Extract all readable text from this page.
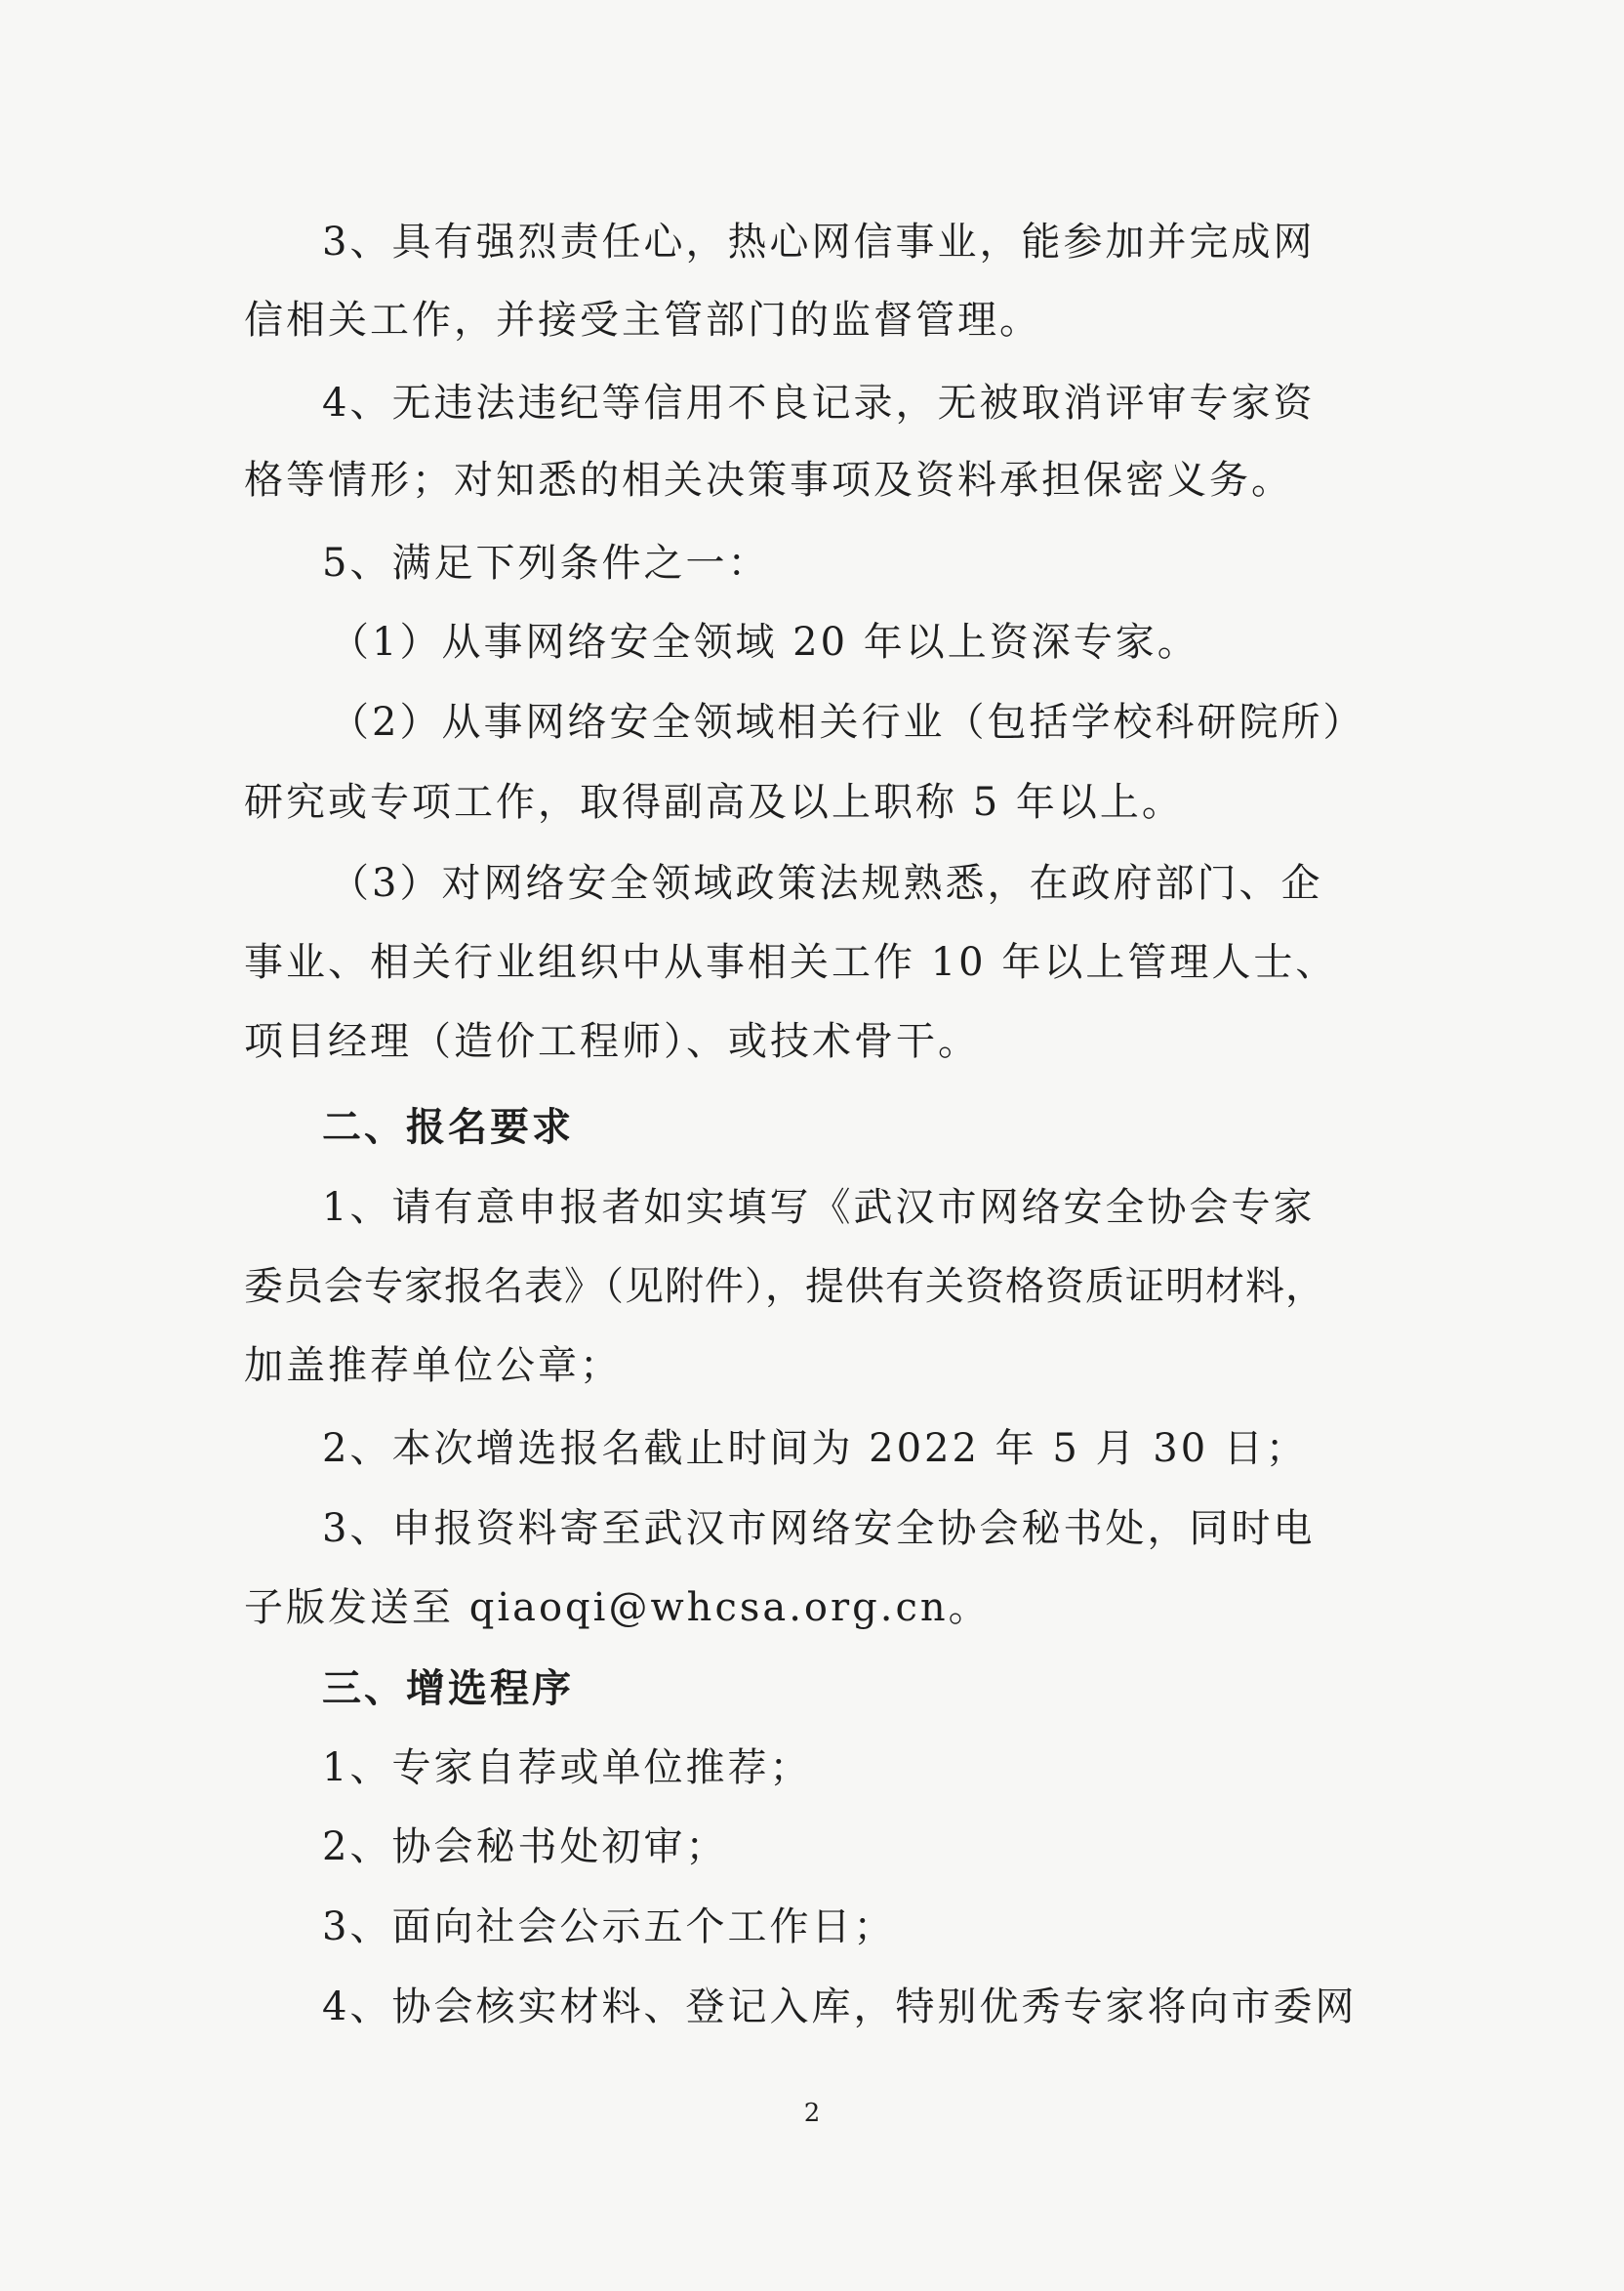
3、具有强烈责任心，热心网信事业，能参加并完成网
信相关工作，并接受主管部门的监督管理。
4、无违法违纪等信用不良记录，无被取消评审专家资
格等情形；对知悉的相关决策事项及资料承担保密义务。
5、满足下列条件之一：
（1）从事网络安全领域 20 年以上资深专家。
（2）从事网络安全领域相关行业（包括学校科研院所）
研究或专项工作，取得副高及以上职称 5 年以上。
（3）对网络安全领域政策法规熟悉，在政府部门、企
事业、相关行业组织中从事相关工作 10 年以上管理人士、
项目经理（造价工程师）、或技术骨干。
二、报名要求
1、请有意申报者如实填写《武汉市网络安全协会专家
委员会专家报名表》（见附件），提供有关资格资质证明材料，
加盖推荐单位公章；
2、本次增选报名截止时间为 2022 年 5 月 30 日；
3、申报资料寄至武汉市网络安全协会秘书处，同时电
子版发送至 qiaoqi@whcsa.org.cn。
三、增选程序
1、专家自荐或单位推荐；
2、协会秘书处初审；
3、面向社会公示五个工作日；
4、协会核实材料、登记入库，特别优秀专家将向市委网
2
